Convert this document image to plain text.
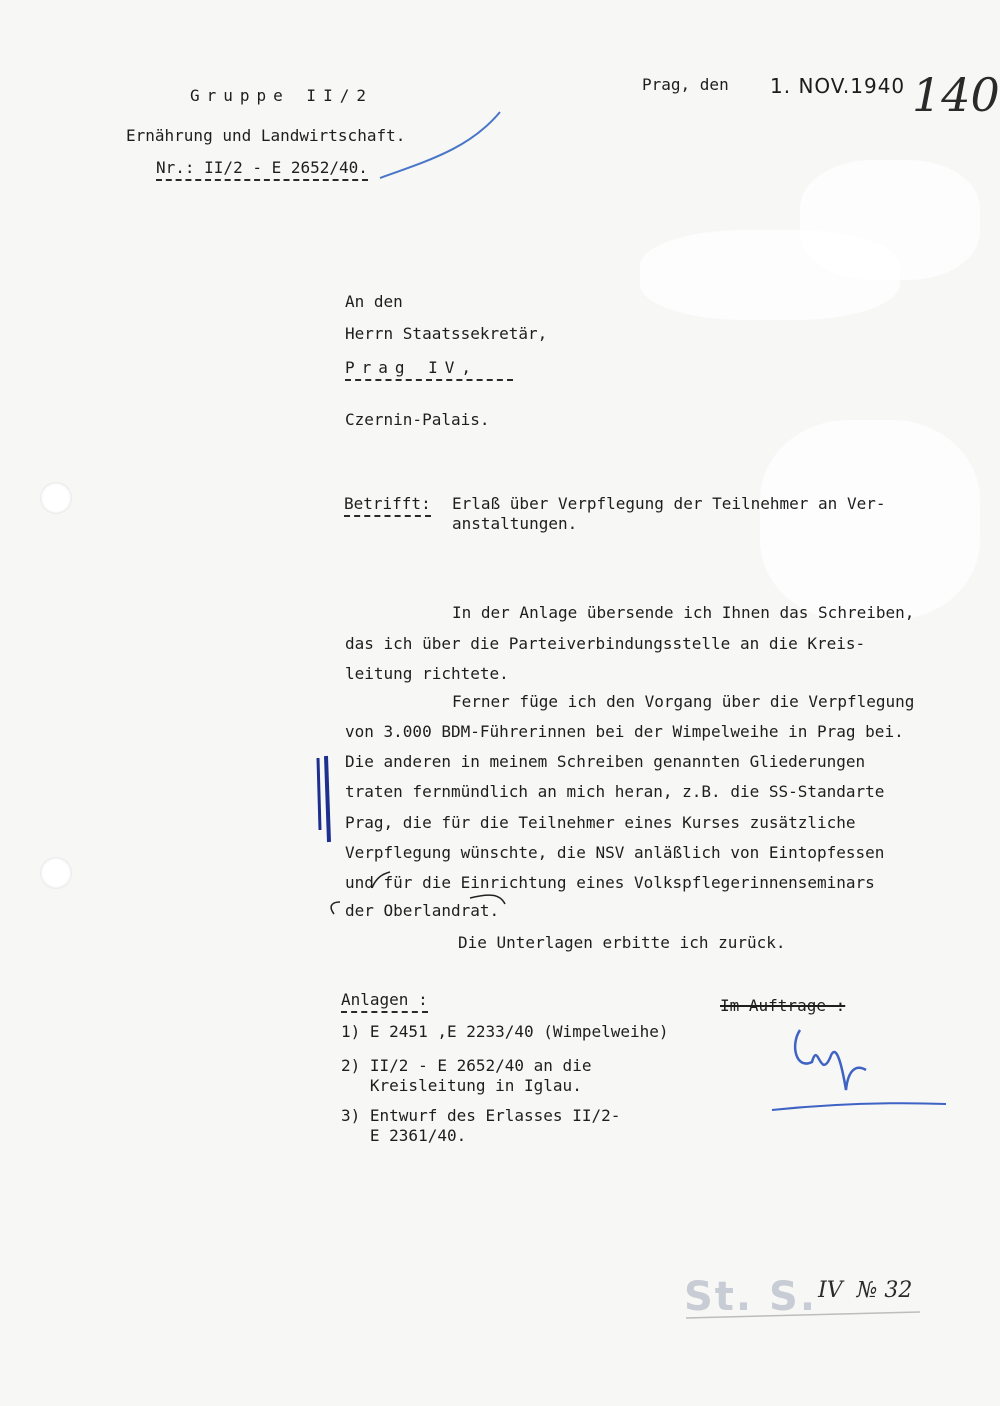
Gruppe II/2
Ernährung und Landwirtschaft.
Nr.: II/2 - E 2652/40.
Prag, den 1. NOV.1940 140
An den
Herrn Staatssekretär,
Prag IV,
Czernin-Palais.
Betrifft: Erlaß über Verpflegung der Teilnehmer an Ver-
anstaltungen.
In der Anlage übersende ich Ihnen das Schreiben,
das ich über die Parteiverbindungsstelle an die Kreis-
leitung richtete.
Ferner füge ich den Vorgang über die Verpflegung
von 3.000 BDM-Führerinnen bei der Wimpelweihe in Prag bei.
Die anderen in meinem Schreiben genannten Gliederungen
traten fernmündlich an mich heran, z.B. die SS-Standarte
Prag, die für die Teilnehmer eines Kurses zusätzliche
Verpflegung wünschte, die NSV anläßlich von Eintopfessen
und für die Einrichtung eines Volkspflegerinnenseminars
der Oberlandrat.
Die Unterlagen erbitte ich zurück.
Anlagen :
1) E 2451 ,E 2233/40 (Wimpelweihe)
2) II/2 - E 2652/40 an die
Kreisleitung in Iglau.
3) Entwurf des Erlasses II/2-
E 2361/40.
Im Auftrage :
St. S. IV  № 32
